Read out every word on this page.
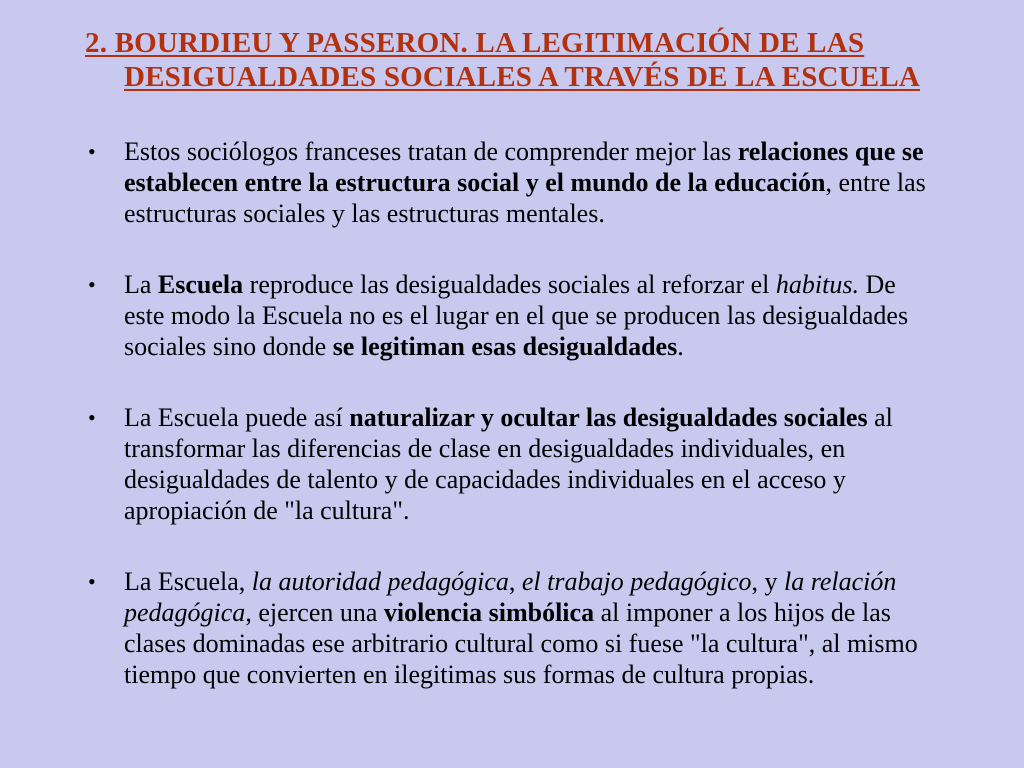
2. BOURDIEU Y PASSERON. LA LEGITIMACIÓN DE LAS
DESIGUALDADES SOCIALES A TRAVÉS DE LA ESCUELA
•	Estos sociólogos franceses tratan de comprender mejor las relaciones que se establecen entre la estructura social y el mundo de la educación, entre las estructuras sociales y las estructuras mentales.
•	La Escuela reproduce las desigualdades sociales al reforzar el habitus. De este modo la Escuela no es el lugar en el que se producen las desigualdades sociales sino donde se legitiman esas desigualdades.
•	La Escuela puede así naturalizar y ocultar las desigualdades sociales al transformar las diferencias de clase en desigualdades individuales, en desigualdades de talento y de capacidades individuales en el acceso y apropiación de "la cultura".
•	La Escuela, la autoridad pedagógica, el trabajo pedagógico, y la relación pedagógica, ejercen una violencia simbólica al imponer a los hijos de las clases dominadas ese arbitrario cultural como si fuese "la cultura", al mismo tiempo que convierten en ilegitimas sus formas de cultura propias.
